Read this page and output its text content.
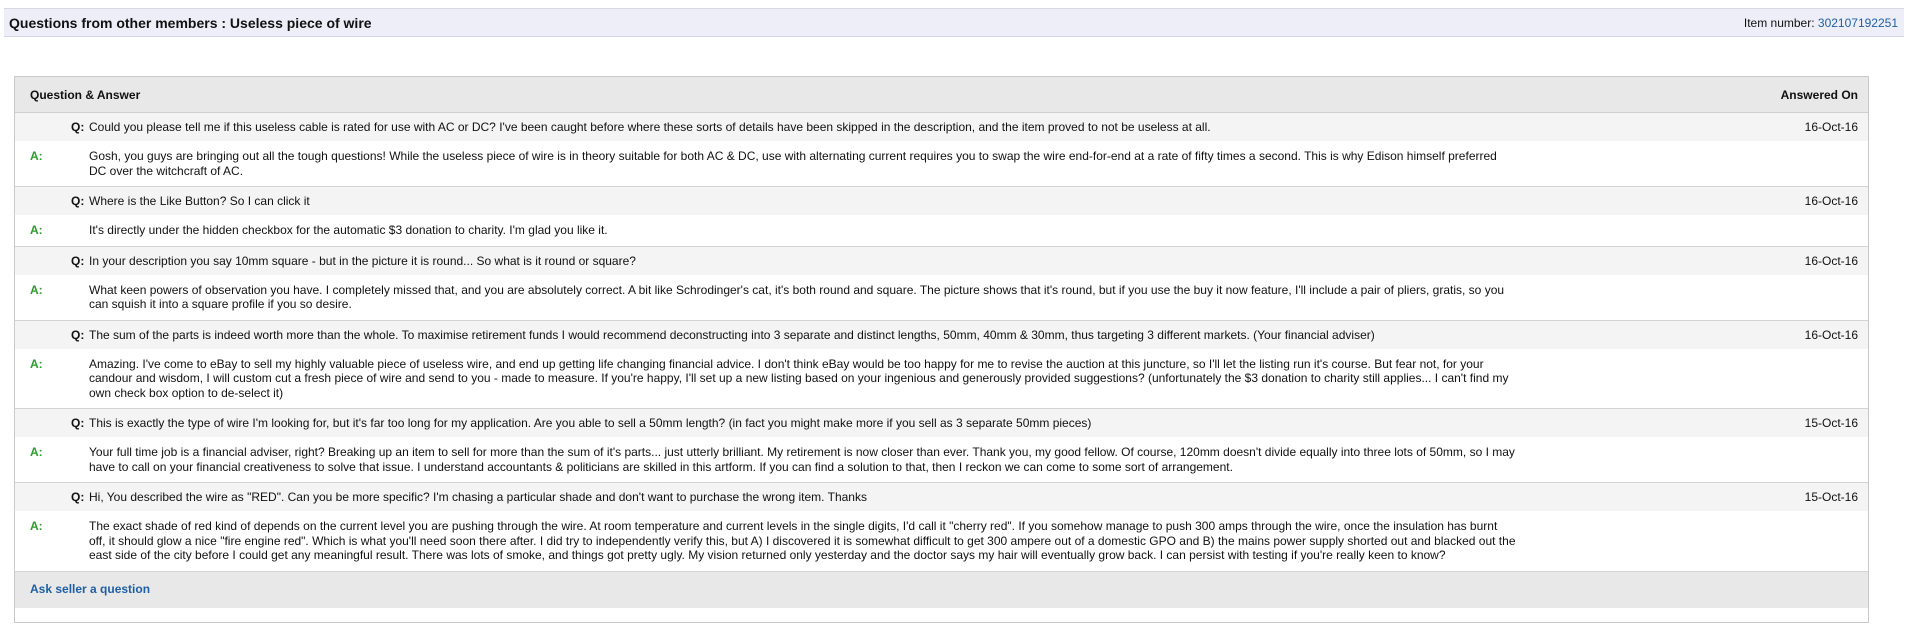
Questions from other members : Useless piece of wire	Item number: 302107192251
Question & Answer	Answered On
Q: Could you please tell me if this useless cable is rated for use with AC or DC? I've been caught before where these sorts of details have been skipped in the description, and the item proved to not be useless at all.	16-Oct-16
A:	Gosh, you guys are bringing out all the tough questions! While the useless piece of wire is in theory suitable for both AC & DC, use with alternating current requires you to swap the wire end-for-end at a rate of fifty times a second. This is why Edison himself preferred DC over the witchcraft of AC.
Q: Where is the Like Button? So I can click it	16-Oct-16
A:	It's directly under the hidden checkbox for the automatic $3 donation to charity. I'm glad you like it.
Q: In your description you say 10mm square - but in the picture it is round... So what is it round or square?	16-Oct-16
A:	What keen powers of observation you have. I completely missed that, and you are absolutely correct. A bit like Schrodinger's cat, it's both round and square. The picture shows that it's round, but if you use the buy it now feature, I'll include a pair of pliers, gratis, so you can squish it into a square profile if you so desire.
Q: The sum of the parts is indeed worth more than the whole. To maximise retirement funds I would recommend deconstructing into 3 separate and distinct lengths, 50mm, 40mm & 30mm, thus targeting 3 different markets. (Your financial adviser)	16-Oct-16
A:	Amazing. I've come to eBay to sell my highly valuable piece of useless wire, and end up getting life changing financial advice. I don't think eBay would be too happy for me to revise the auction at this juncture, so I'll let the listing run it's course. But fear not, for your candour and wisdom, I will custom cut a fresh piece of wire and send to you - made to measure. If you're happy, I'll set up a new listing based on your ingenious and generously provided suggestions? (unfortunately the $3 donation to charity still applies... I can't find my own check box option to de-select it)
Q: This is exactly the type of wire I'm looking for, but it's far too long for my application. Are you able to sell a 50mm length? (in fact you might make more if you sell as 3 separate 50mm pieces)	15-Oct-16
A:	Your full time job is a financial adviser, right? Breaking up an item to sell for more than the sum of it's parts... just utterly brilliant. My retirement is now closer than ever. Thank you, my good fellow. Of course, 120mm doesn't divide equally into three lots of 50mm, so I may have to call on your financial creativeness to solve that issue. I understand accountants & politicians are skilled in this artform. If you can find a solution to that, then I reckon we can come to some sort of arrangement.
Q: Hi, You described the wire as "RED". Can you be more specific? I'm chasing a particular shade and don't want to purchase the wrong item. Thanks	15-Oct-16
A:	The exact shade of red kind of depends on the current level you are pushing through the wire. At room temperature and current levels in the single digits, I'd call it "cherry red". If you somehow manage to push 300 amps through the wire, once the insulation has burnt off, it should glow a nice "fire engine red". Which is what you'll need soon there after. I did try to independently verify this, but A) I discovered it is somewhat difficult to get 300 ampere out of a domestic GPO and B) the mains power supply shorted out and blacked out the east side of the city before I could get any meaningful result. There was lots of smoke, and things got pretty ugly. My vision returned only yesterday and the doctor says my hair will eventually grow back. I can persist with testing if you're really keen to know?
Ask seller a question
